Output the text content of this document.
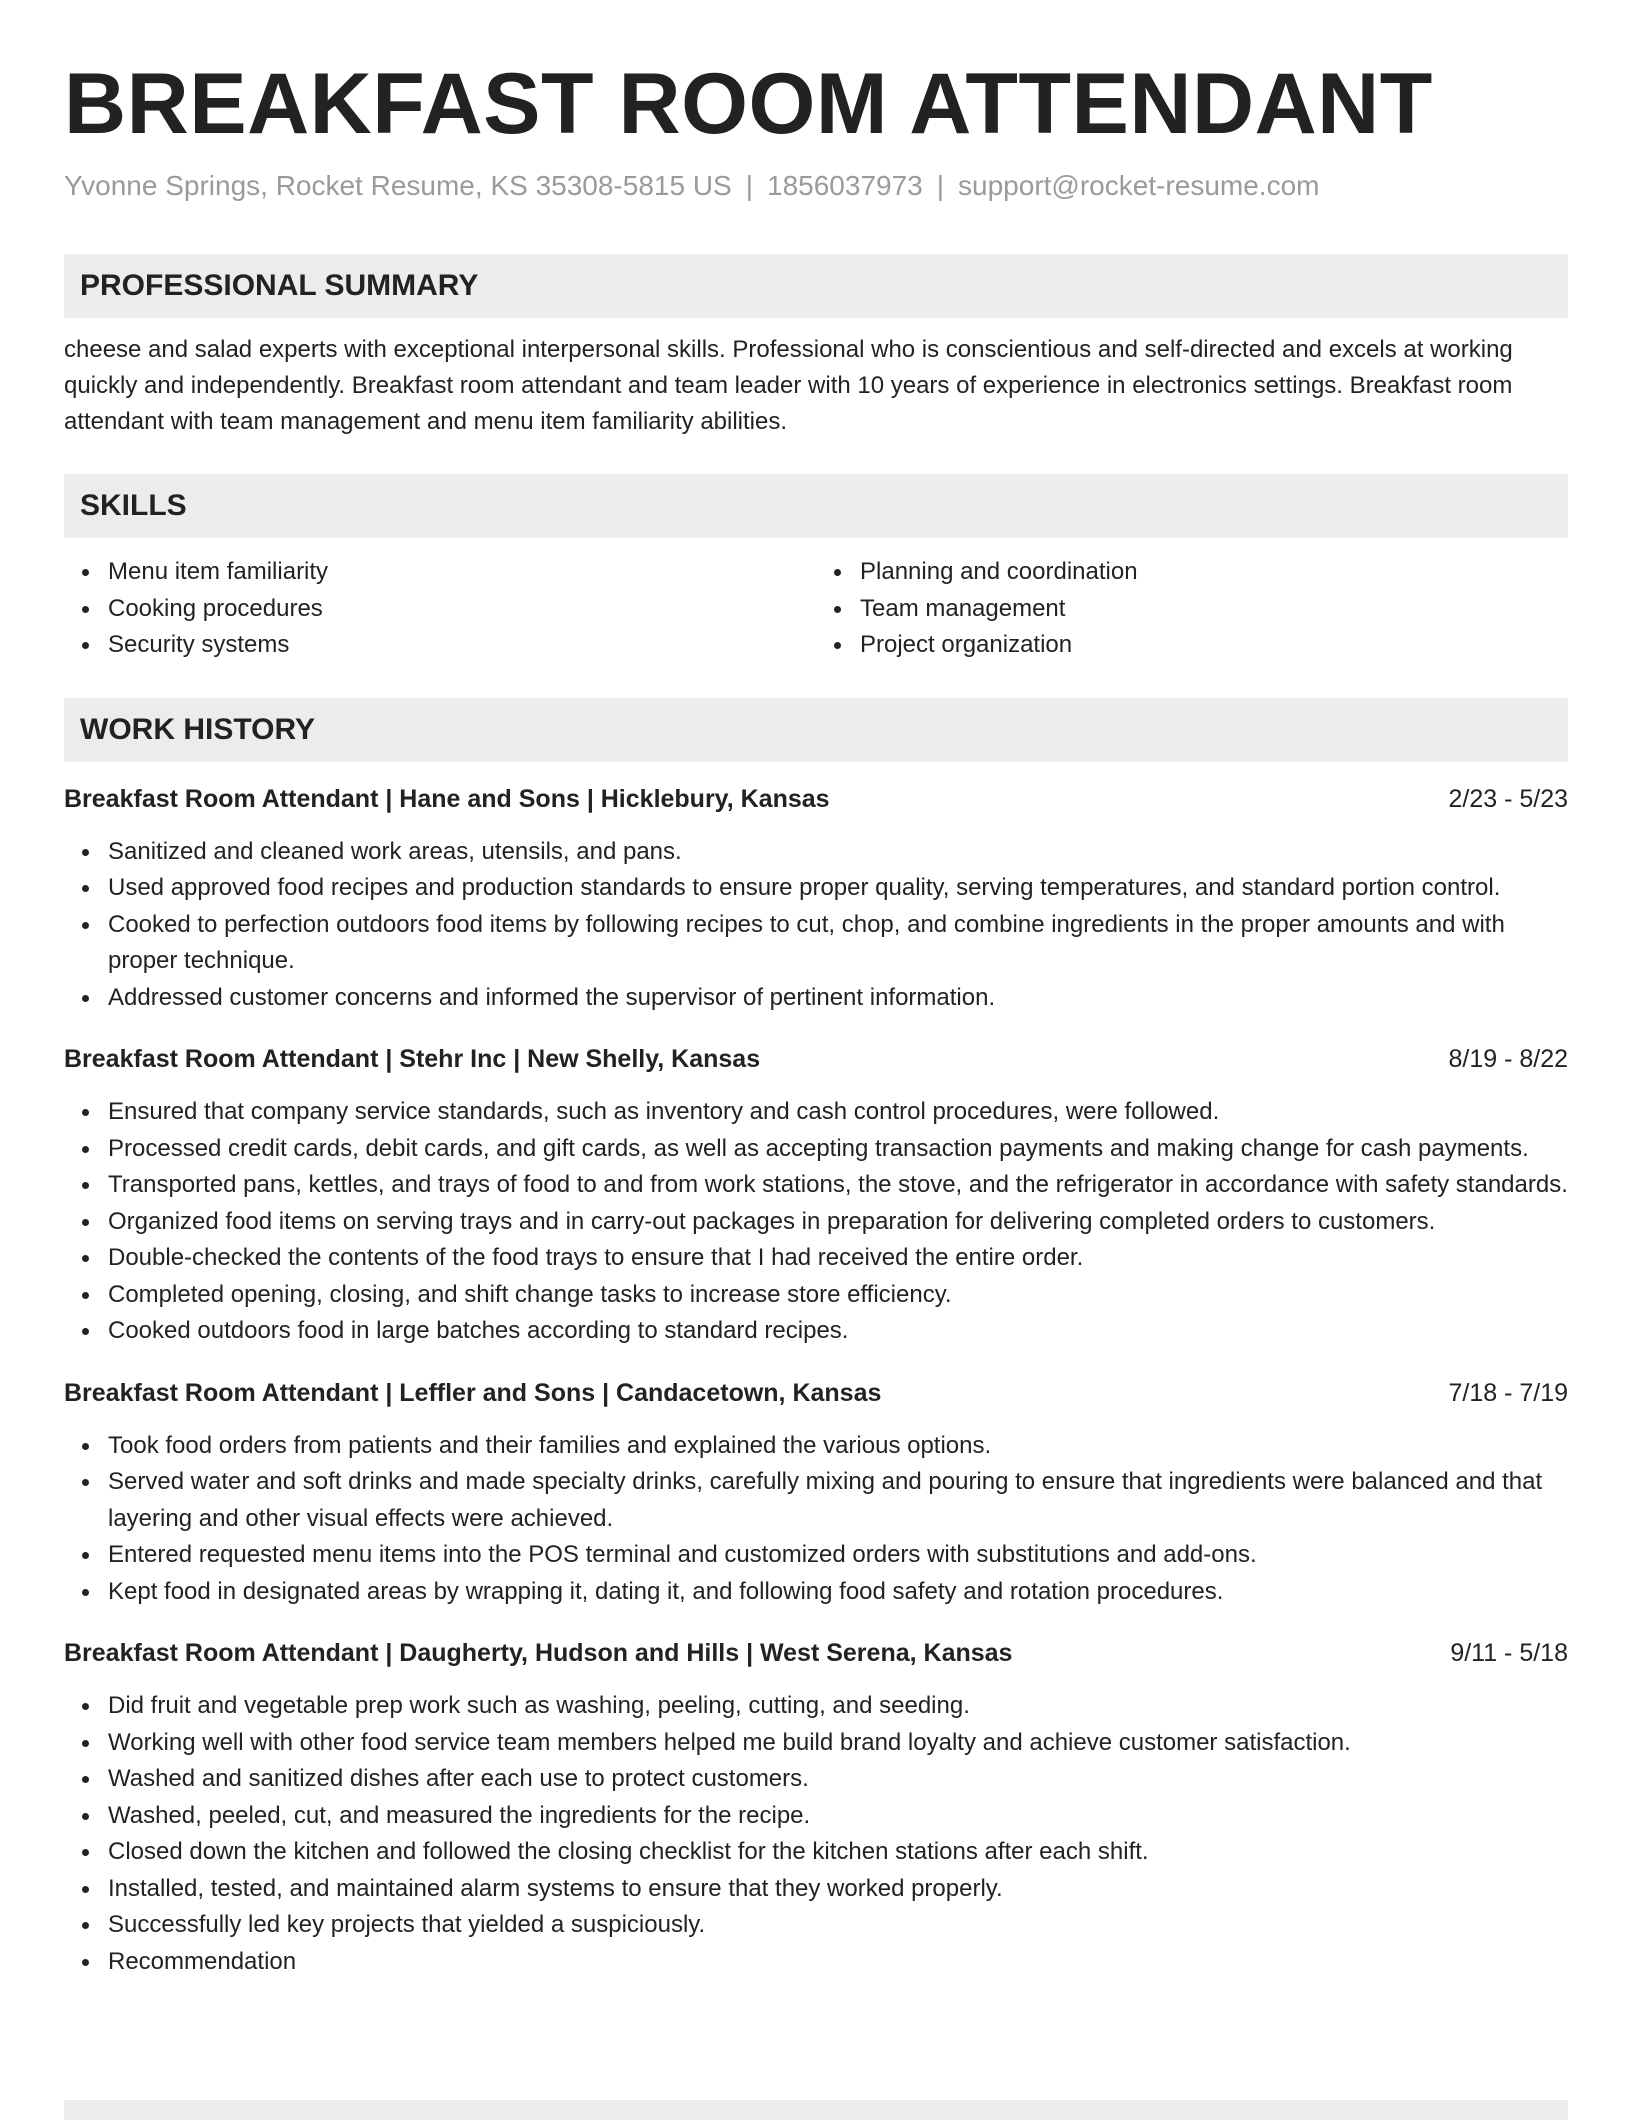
BREAKFAST ROOM ATTENDANT
Yvonne Springs, Rocket Resume, KS 35308-5815 US | 1856037973 | support@rocket-resume.com
PROFESSIONAL SUMMARY

cheese and salad experts with exceptional interpersonal skills. Professional who is conscientious and self-directed and excels at working quickly and independently. Breakfast room attendant and team leader with 10 years of experience in electronics settings. Breakfast room attendant with team management and menu item familiarity abilities.

SKILLS
Menu item familiarity
Cooking procedures
Security systems
Planning and coordination
Team management
Project organization
WORK HISTORY
Breakfast Room Attendant | Hane and Sons | Hicklebury, Kansas	2/23 - 5/23
Sanitized and cleaned work areas, utensils, and pans.
Used approved food recipes and production standards to ensure proper quality, serving temperatures, and standard portion control.
Cooked to perfection outdoors food items by following recipes to cut, chop, and combine ingredients in the proper amounts and with proper technique.
Addressed customer concerns and informed the supervisor of pertinent information.
Breakfast Room Attendant | Stehr Inc | New Shelly, Kansas	8/19 - 8/22
Ensured that company service standards, such as inventory and cash control procedures, were followed.
Processed credit cards, debit cards, and gift cards, as well as accepting transaction payments and making change for cash payments.
Transported pans, kettles, and trays of food to and from work stations, the stove, and the refrigerator in accordance with safety standards.
Organized food items on serving trays and in carry-out packages in preparation for delivering completed orders to customers.
Double-checked the contents of the food trays to ensure that I had received the entire order.
Completed opening, closing, and shift change tasks to increase store efficiency.
Cooked outdoors food in large batches according to standard recipes.
Breakfast Room Attendant | Leffler and Sons | Candacetown, Kansas	7/18 - 7/19
Took food orders from patients and their families and explained the various options.
Served water and soft drinks and made specialty drinks, carefully mixing and pouring to ensure that ingredients were balanced and that layering and other visual effects were achieved.
Entered requested menu items into the POS terminal and customized orders with substitutions and add-ons.
Kept food in designated areas by wrapping it, dating it, and following food safety and rotation procedures.
Breakfast Room Attendant | Daugherty, Hudson and Hills | West Serena, Kansas	9/11 - 5/18
Did fruit and vegetable prep work such as washing, peeling, cutting, and seeding.
Working well with other food service team members helped me build brand loyalty and achieve customer satisfaction.
Washed and sanitized dishes after each use to protect customers.
Washed, peeled, cut, and measured the ingredients for the recipe.
Closed down the kitchen and followed the closing checklist for the kitchen stations after each shift.
Installed, tested, and maintained alarm systems to ensure that they worked properly.
Successfully led key projects that yielded a suspiciously.
Recommendation
